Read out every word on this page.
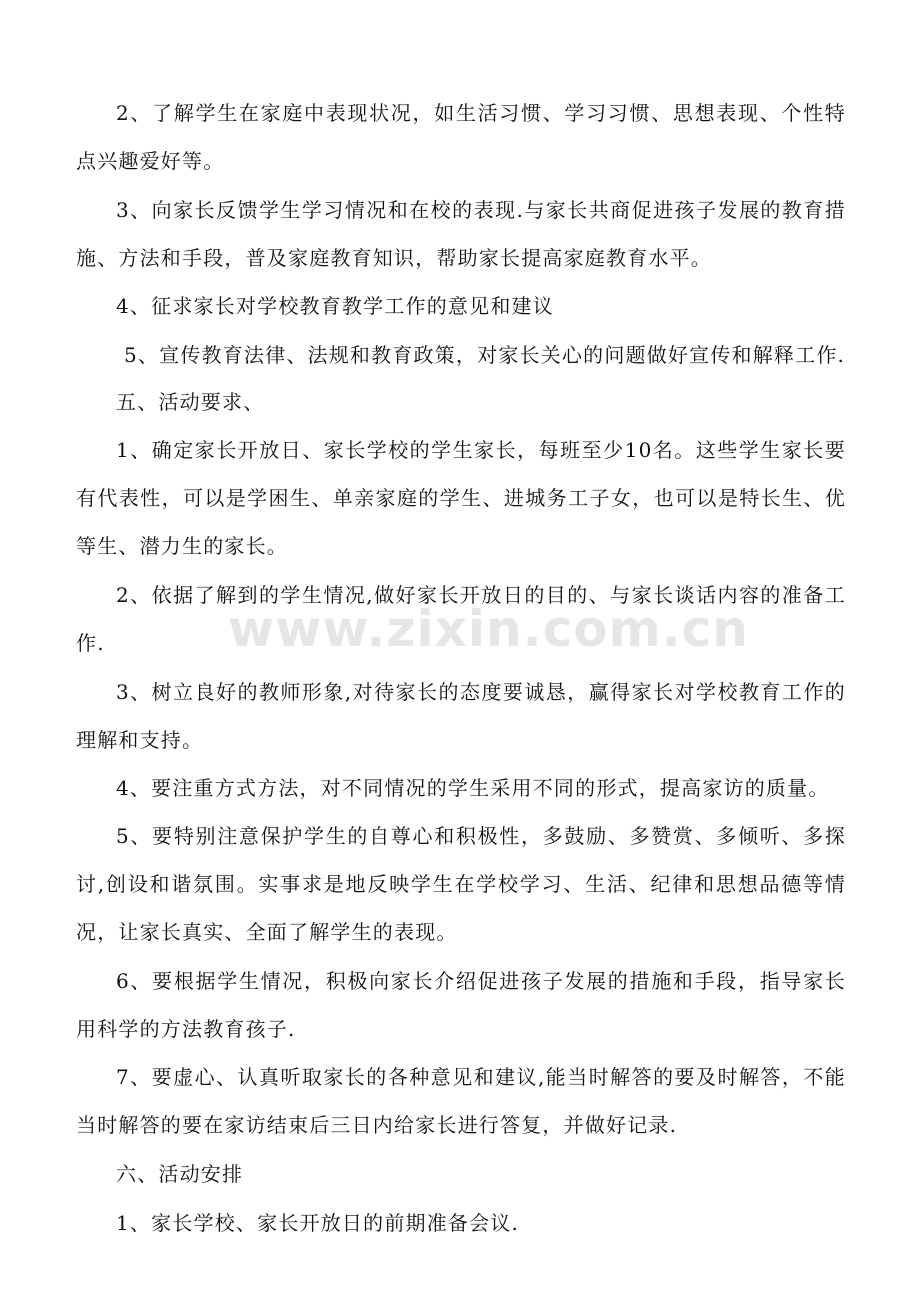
2、了解学生在家庭中表现状况，如生活习惯、学习习惯、思想表现、个性特点兴趣爱好等。

3、向家长反馈学生学习情况和在校的表现.与家长共商促进孩子发展的教育措施、方法和手段，普及家庭教育知识，帮助家长提高家庭教育水平。

4、征求家长对学校教育教学工作的意见和建议

5、宣传教育法律、法规和教育政策，对家长关心的问题做好宣传和解释工作.

五、活动要求、

1、确定家长开放日、家长学校的学生家长，每班至少10名。这些学生家长要有代表性，可以是学困生、单亲家庭的学生、进城务工子女，也可以是特长生、优等生、潜力生的家长。

2、依据了解到的学生情况,做好家长开放日的目的、与家长谈话内容的准备工作.

3、树立良好的教师形象,对待家长的态度要诚恳，赢得家长对学校教育工作的理解和支持。

4、要注重方式方法，对不同情况的学生采用不同的形式，提高家访的质量。

5、要特别注意保护学生的自尊心和积极性，多鼓励、多赞赏、多倾听、多探讨,创设和谐氛围。实事求是地反映学生在学校学习、生活、纪律和思想品德等情况，让家长真实、全面了解学生的表现。

6、要根据学生情况，积极向家长介绍促进孩子发展的措施和手段，指导家长用科学的方法教育孩子.

7、要虚心、认真听取家长的各种意见和建议,能当时解答的要及时解答，不能当时解答的要在家访结束后三日内给家长进行答复，并做好记录.

六、活动安排

1、家长学校、家长开放日的前期准备会议.

www.zixin.com.cn
